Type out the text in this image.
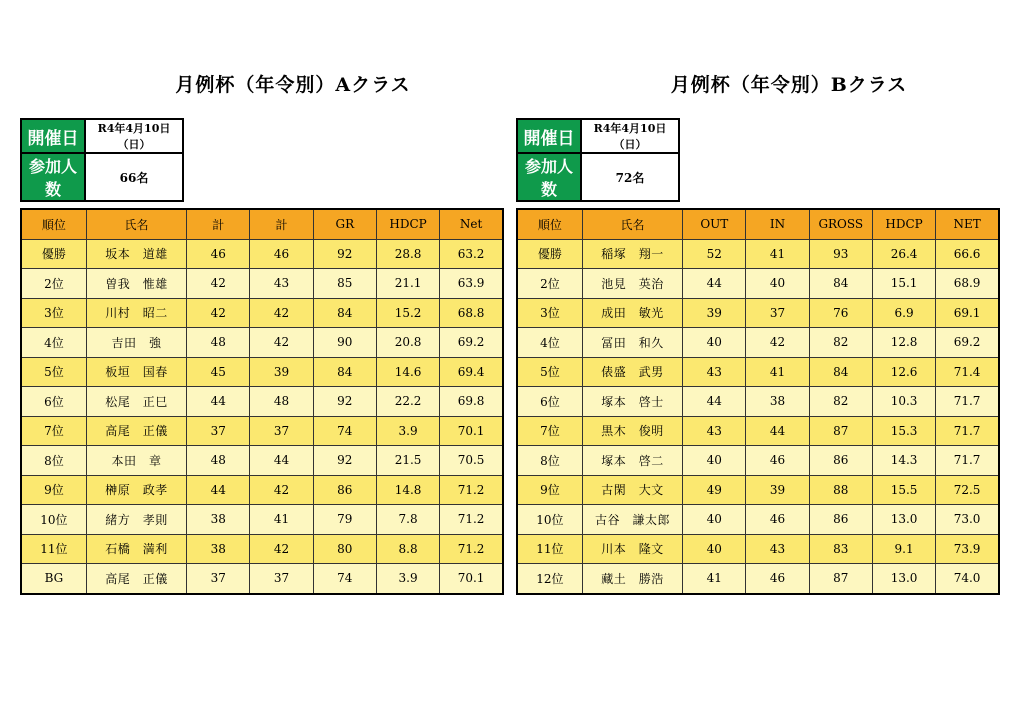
月例杯（年令別）Aクラス
開催日	R4年4月10日（日）
参加人数	66名
順位	氏名	計	計	GR	HDCP	Net
優勝	坂本　道雄	46	46	92	28.8	63.2
2位	曽我　惟雄	42	43	85	21.1	63.9
3位	川村　昭二	42	42	84	15.2	68.8
4位	吉田　強	48	42	90	20.8	69.2
5位	板垣　国春	45	39	84	14.6	69.4
6位	松尾　正巳	44	48	92	22.2	69.8
7位	高尾　正儀	37	37	74	3.9	70.1
8位	本田　章	48	44	92	21.5	70.5
9位	榊原　政孝	44	42	86	14.8	71.2
10位	緒方　孝則	38	41	79	7.8	71.2
11位	石橋　満利	38	42	80	8.8	71.2
BG	高尾　正儀	37	37	74	3.9	70.1
月例杯（年令別）Bクラス
開催日	R4年4月10日（日）
参加人数	72名
順位	氏名	OUT	IN	GROSS	HDCP	NET
優勝	稲塚　翔一	52	41	93	26.4	66.6
2位	池見　英治	44	40	84	15.1	68.9
3位	成田　敏光	39	37	76	6.9	69.1
4位	冨田　和久	40	42	82	12.8	69.2
5位	俵盛　武男	43	41	84	12.6	71.4
6位	塚本　啓士	44	38	82	10.3	71.7
7位	黒木　俊明	43	44	87	15.3	71.7
8位	塚本　啓二	40	46	86	14.3	71.7
9位	古閑　大文	49	39	88	15.5	72.5
10位	古谷　謙太郎	40	46	86	13.0	73.0
11位	川本　隆文	40	43	83	9.1	73.9
12位	藏土　勝浩	41	46	87	13.0	74.0
